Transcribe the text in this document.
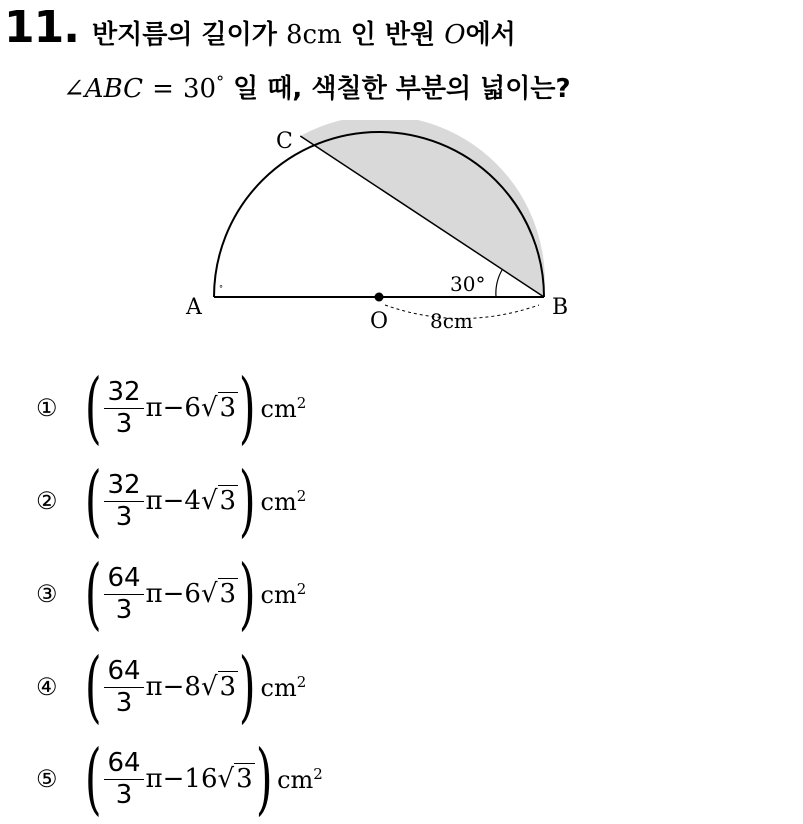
11. 반지름의 길이가 8cm 인 반원 O에서
∠ABC = 30° 일 때, 색칠한 부분의 넓이는?
°
A	B
C
O
30°
8cm
① ( $\frac{32}{3} \pi-6√3$ ) $cm^2$
② ( $\frac{32}{3} \pi-4√3$ ) $cm^2$
③ ( $\frac{64}{3} \pi-6√3$ ) $cm^2$
④ ( $\frac{64}{3} \pi-8√3$ ) $cm^2$
⑤ ( $\frac{64}{3} \pi-16√3$ ) $cm^2$
